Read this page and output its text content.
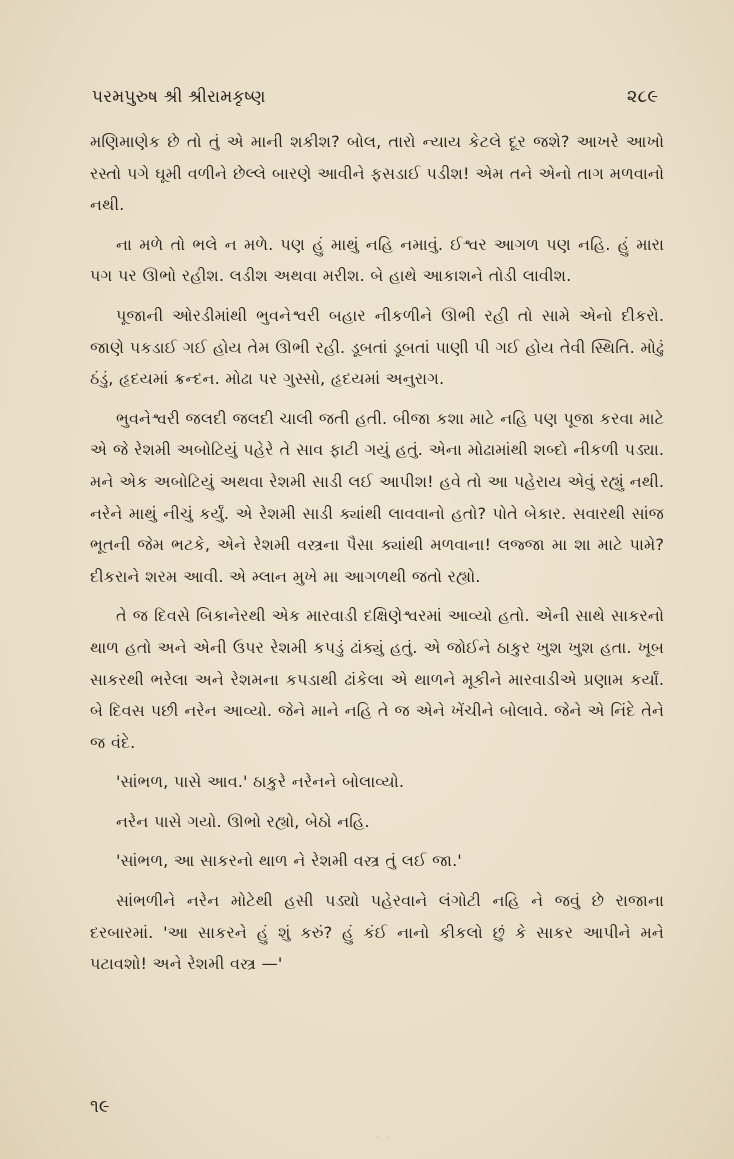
પરમપુરુષ શ્રી શ્રીરામકૃષ્ણ	૨૮૯

મણિમાણેક છે તો તું એ માની શકીશ? બોલ, તારો ન્યાય કેટલે દૂર જશે? આખરે આખો રસ્તો પગે ઘૂમી વળીને છેલ્લે બારણે આવીને ફસડાઈ પડીશ! એમ તને એનો તાગ મળવાનો નથી.

ના મળે તો ભલે ન મળે. પણ હું માથું નહિ નમાવું. ઈશ્વર આગળ પણ નહિ. હું મારા પગ પર ઊભો રહીશ. લડીશ અથવા મરીશ. બે હાથે આકાશને તોડી લાવીશ.

પૂજાની ઓરડીમાંથી ભુવનેશ્વરી બહાર નીકળીને ઊભી રહી તો સામે એનો દીકરો. જાણે પકડાઈ ગઈ હોય તેમ ઊભી રહી. ડૂબતાં ડૂબતાં પાણી પી ગઈ હોય તેવી સ્થિતિ. મોઢું ઠંડું, હૃદયમાં ક્રન્દન. મોઢા પર ગુસ્સો, હૃદયમાં અનુરાગ.

ભુવનેશ્વરી જલદી જલદી ચાલી જતી હતી. બીજા કશા માટે નહિ પણ પૂજા કરવા માટે એ જે રેશમી અબોટિયું પહેરે તે સાવ ફાટી ગયું હતું. એના મોઢામાંથી શબ્દો નીકળી પડ્યા. મને એક અબોટિયું અથવા રેશમી સાડી લઈ આપીશ! હવે તો આ પહેરાય એવું રહ્યું નથી. નરેને માથું નીચું કર્યું. એ રેશમી સાડી ક્યાંથી લાવવાનો હતો? પોતે બેકાર. સવારથી સાંજ ભૂતની જેમ ભટકે, એને રેશમી વસ્ત્રના પૈસા ક્યાંથી મળવાના! લજ્જા મા શા માટે પામે? દીકરાને શરમ આવી. એ મ્લાન મુખે મા આગળથી જતો રહ્યો.

તે જ દિવસે બિકાનેરથી એક મારવાડી દક્ષિણેશ્વરમાં આવ્યો હતો. એની સાથે સાકરનો થાળ હતો અને એની ઉપર રેશમી કપડું ઢાંક્યું હતું. એ જોઈને ઠાકુર ખુશ ખુશ હતા. ખૂબ સાકરથી ભરેલા અને રેશમના કપડાથી ઢાંકેલા એ થાળને મૂકીને મારવાડીએ પ્રણામ કર્યાં. બે દિવસ પછી નરેન આવ્યો. જેને માને નહિ તે જ એને ખેંચીને બોલાવે. જેને એ નિંદે તેને જ વંદે.

'સાંભળ, પાસે આવ.' ઠાકુરે નરેનને બોલાવ્યો.

નરેન પાસે ગયો. ઊભો રહ્યો, બેઠો નહિ.

'સાંભળ, આ સાકરનો થાળ ને રેશમી વસ્ત્ર તું લઈ જા.'

સાંભળીને નરેન મોટેથી હસી પડ્યો પહેરવાને લંગોટી નહિ ને જવું છે રાજાના દરબારમાં. 'આ સાકરને હું શું કરું? હું કંઈ નાનો કીકલો છું કે સાકર આપીને મને પટાવશો! અને રેશમી વસ્ત્ર —'

૧૯
· ·
